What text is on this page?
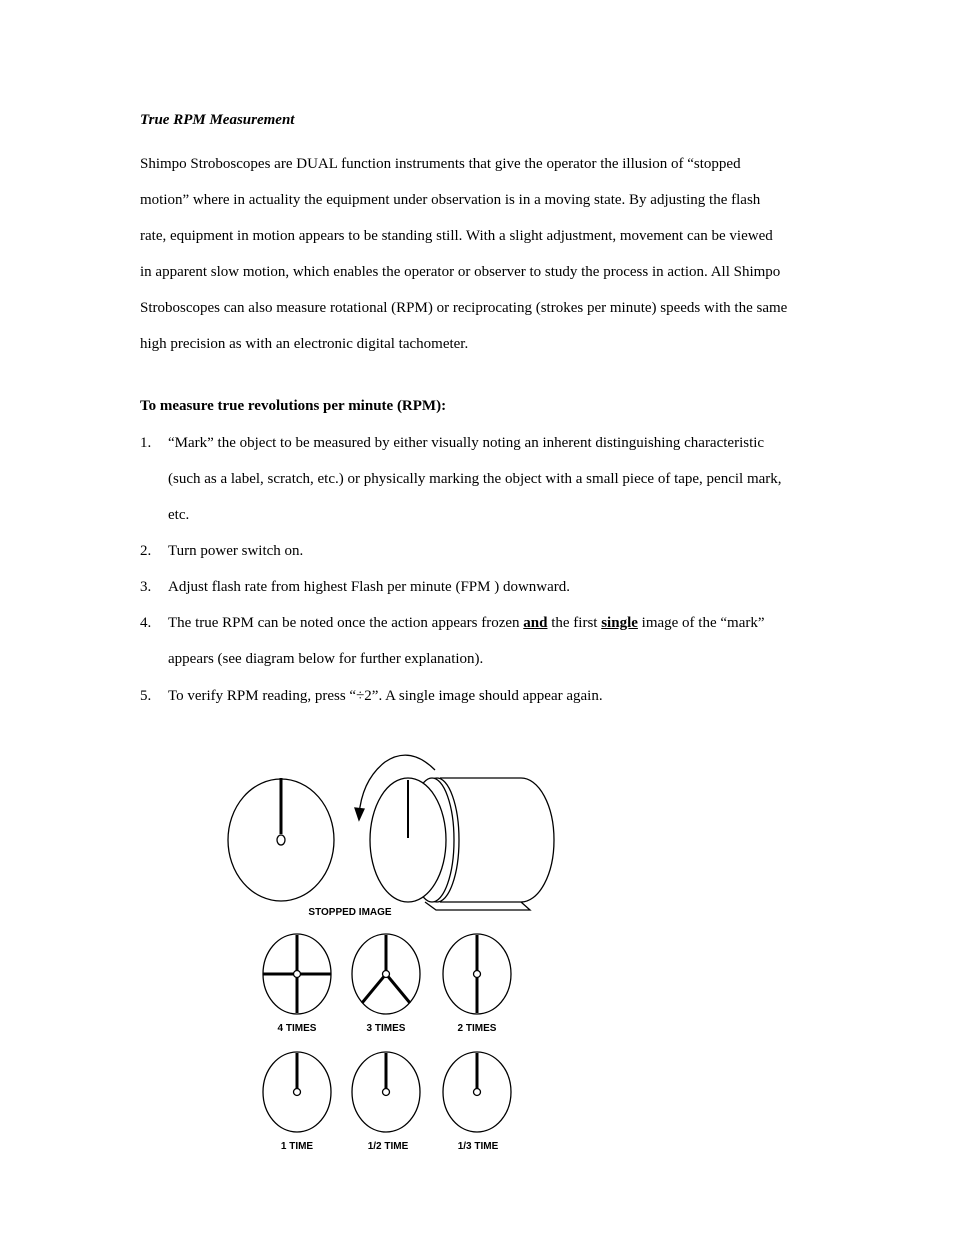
True RPM Measurement

Shimpo Stroboscopes are DUAL function instruments that give the operator the illusion of “stopped
motion” where in actuality the equipment under observation is in a moving state. By adjusting the flash
rate, equipment in motion appears to be standing still. With a slight adjustment, movement can be viewed
in apparent slow motion, which enables the operator or observer to study the process in action. All Shimpo
Stroboscopes can also measure rotational (RPM) or reciprocating (strokes per minute) speeds with the same
high precision as with an electronic digital tachometer.

To measure true revolutions per minute (RPM):
1.	“Mark” the object to be measured by either visually noting an inherent distinguishing characteristic
(such as a label, scratch, etc.) or physically marking the object with a small piece of tape, pencil mark,
etc.
2.	Turn power switch on.
3.	Adjust flash rate from highest Flash per minute (FPM ) downward.
4.	The true RPM can be noted once the action appears frozen and the first single image of the “mark”
appears (see diagram below for further explanation).
5.	To verify RPM reading, press “÷2”. A single image should appear again.
STOPPED IMAGE
4 TIMES	3 TIMES	2 TIMES
1 TIME	1/2 TIME	1/3 TIME
